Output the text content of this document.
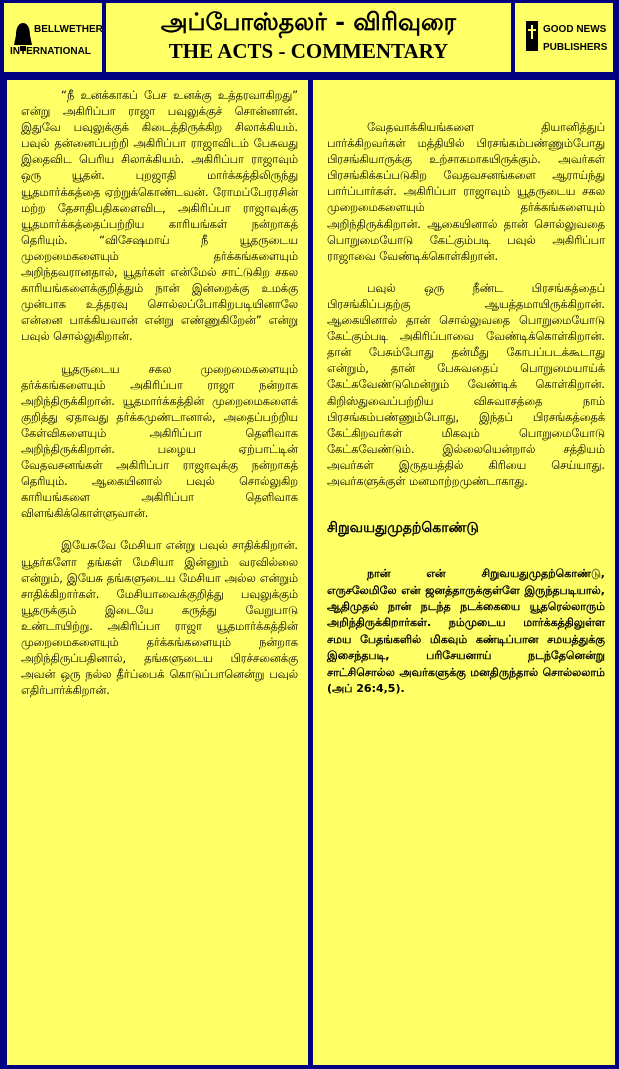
BELLWETHER
INTERNATIONAL
அப்போஸ்தலர் - விரிவுரை
THE ACTS - COMMENTARY
GOOD NEWS
PUBLISHERS

“நீ உனக்காகப் பேச உனக்கு உத்தரவாகிறது” என்று அகிரிப்பா ராஜா பவுலுக்குச் சொன்னான். இதுவே பவுலுக்குக் கிடைத்திருக்கிற சிலாக்கியம். பவுல் தன்னைப்பற்றி அகிரிப்பா ராஜாவிடம் பேசுவது இதைவிட பெரிய சிலாக்கியம். அகிரிப்பா ராஜாவும் ஒரு யூதன். புறஜாதி மார்க்கத்திலிருந்து யூதமார்க்கத்தை ஏற்றுக்கொண்டவன். ரோமப்பேரரசின் மற்ற தேசாதிபதிகளைவிட, அகிரிப்பா ராஜாவுக்கு யூதமார்க்கத்தைப்பற்றிய காரியங்கள் நன்றாகத் தெரியும். “விசேஷமாய் நீ யூதருடைய முறைமைகளையும் தர்க்கங்களையும் அறிந்தவரானதால், யூதர்கள் என்மேல் சாட்டுகிற சகல காரியங்களைக்குறித்தும் நான் இன்றைக்கு உமக்கு முன்பாக உத்தரவு சொல்லப்போகிறபடியினாலே என்னை பாக்கியவான் என்று எண்ணுகிறேன்” என்று பவுல் சொல்லுகிறான்.

யூதருடைய சகல முறைமைகளையும் தர்க்கங்களையும் அகிரிப்பா ராஜா நன்றாக அறிந்திருக்கிறான். யூதமார்க்கத்தின் முறைமைகளைக் குறித்து ஏதாவது தர்க்கமுண்டானால், அதைப்பற்றிய கேள்விகளையும் அகிரிப்பா தெளிவாக அறிந்திருக்கிறான். பழைய ஏற்பாட்டின் வேதவசனங்கள் அகிரிப்பா ராஜாவுக்கு நன்றாகத் தெரியும். ஆகையினால் பவுல் சொல்லுகிற காரியங்களை அகிரிப்பா தெளிவாக விளங்கிக்கொள்ளுவான்.

இயேசுவே மேசியா என்று பவுல் சாதிக்கிறான். யூதர்களோ தங்கள் மேசியா இன்னும் வரவில்லை என்றும், இயேசு தங்களுடைய மேசியா அல்ல என்றும் சாதிக்கிறார்கள். மேசியாவைக்குறித்து பவுலுக்கும் யூதருக்கும் இடையே கருத்து வேறுபாடு உண்டாயிற்று. அகிரிப்பா ராஜா யூதமார்க்கத்தின் முறைமைகளையும் தர்க்கங்களையும் நன்றாக அறிந்திருப்பதினால், தங்களுடைய பிரச்சனைக்கு அவன் ஒரு நல்ல தீர்ப்பைக் கொடுப்பானென்று பவுல் எதிர்பார்க்கிறான்.

வேதவாக்கியங்களை தியானித்துப் பார்க்கிறவர்கள் மத்தியில் பிரசங்கம்பண்ணும்போது பிரசங்கியாருக்கு உற்சாகமாகயிருக்கும். அவர்கள் பிரசங்கிக்கப்படுகிற வேதவசனங்களை ஆராய்ந்து பார்ப்பார்கள். அகிரிப்பா ராஜாவும் யூதருடைய சகல முறைமைகளையும் தர்க்கங்களையும் அறிந்திருக்கிறான். ஆகையினால் தான் சொல்லுவதை பொறுமையோடு கேட்கும்படி பவுல் அகிரிப்பா ராஜாவை வேண்டிக்கொள்கிறான்.

பவுல் ஒரு நீண்ட பிரசங்கத்தைப் பிரசங்கிப்பதற்கு ஆயத்தமாயிருக்கிறான். ஆகையினால் தான் சொல்லுவதை பொறுமையோடு கேட்கும்படி அகிரிப்பாவை வேண்டிக்கொள்கிறான். தான் பேசும்போது தன்மீது கோபப்படக்கூடாது என்றும், தான் பேசுவதைப் பொறுமையாய்க் கேட்கவேண்டுமென்றும் வேண்டிக் கொள்கிறான். கிறிஸ்துவைப்பற்றிய விசுவாசத்தை நாம் பிரசங்கம்பண்ணும்போது, இந்தப் பிரசங்கத்தைக் கேட்கிறவர்கள் மிகவும் பொறுமையோடு கேட்கவேண்டும். இல்லையென்றால் சத்தியம் அவர்கள் இருதயத்தில் கிரியை செய்யாது. அவர்களுக்குள் மனமாற்றமுண்டாகாது.

சிறுவயதுமுதற்கொண்டு

நான் என் சிறுவயதுமுதற்கொண்டு, எருசலேமிலே என் ஜனத்தாருக்குள்ளே இருந்தபடியால், ஆதிமுதல் நான் நடந்த நடக்கையை யூதரெல்லாரும் அறிந்திருக்கிறார்கள். நம்முடைய மார்க்கத்திலுள்ள சமய பேதங்களில் மிகவும் கண்டிப்பான சமயத்துக்கு இசைந்தபடி, பரிசேயனாய் நடந்தேனென்று சாட்சிசொல்ல அவர்களுக்கு மனதிருந்தால் சொல்லலாம் (அப் 26:4,5).
